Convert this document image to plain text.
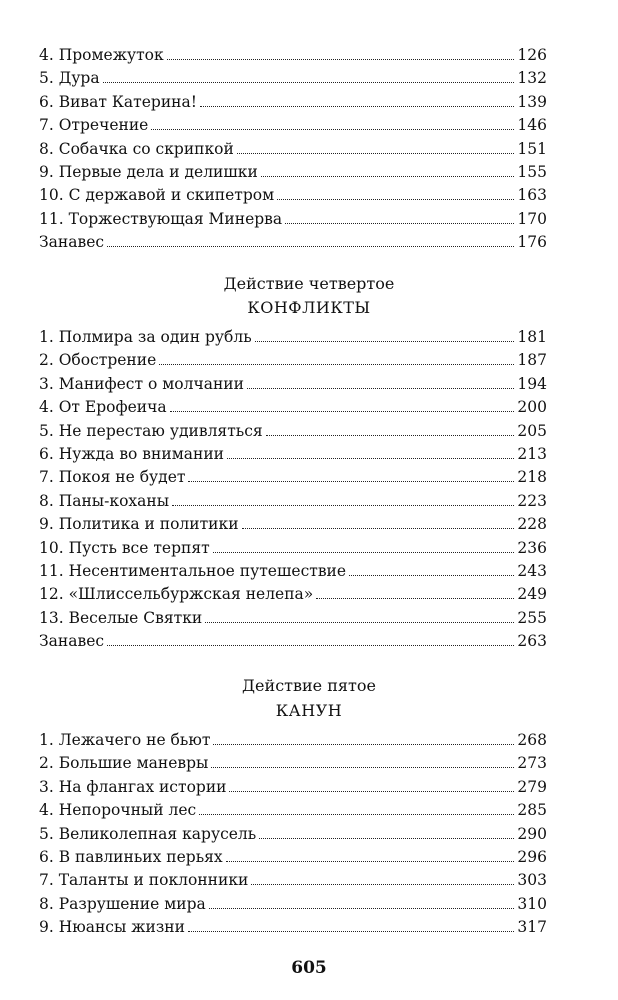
4. Промежуток	126
5. Дура	132
6. Виват Катерина!	139
7. Отречение	146
8. Собачка со скрипкой	151
9. Первые дела и делишки	155
10. С державой и скипетром	163
11. Торжествующая Минерва	170
Занавес	176
Действие четвертое
КОНФЛИКТЫ
1. Полмира за один рубль	181
2. Обострение	187
3. Манифест о молчании	194
4. От Ерофеича	200
5. Не перестаю удивляться	205
6. Нужда во внимании	213
7. Покоя не будет	218
8. Паны-коханы	223
9. Политика и политики	228
10. Пусть все терпят	236
11. Несентиментальное путешествие	243
12. «Шлиссельбуржская нелепа»	249
13. Веселые Святки	255
Занавес	263
Действие пятое
КАНУН
1. Лежачего не бьют	268
2. Большие маневры	273
3. На флангах истории	279
4. Непорочный лес	285
5. Великолепная карусель	290
6. В павлиньих перьях	296
7. Таланты и поклонники	303
8. Разрушение мира	310
9. Нюансы жизни	317
605
